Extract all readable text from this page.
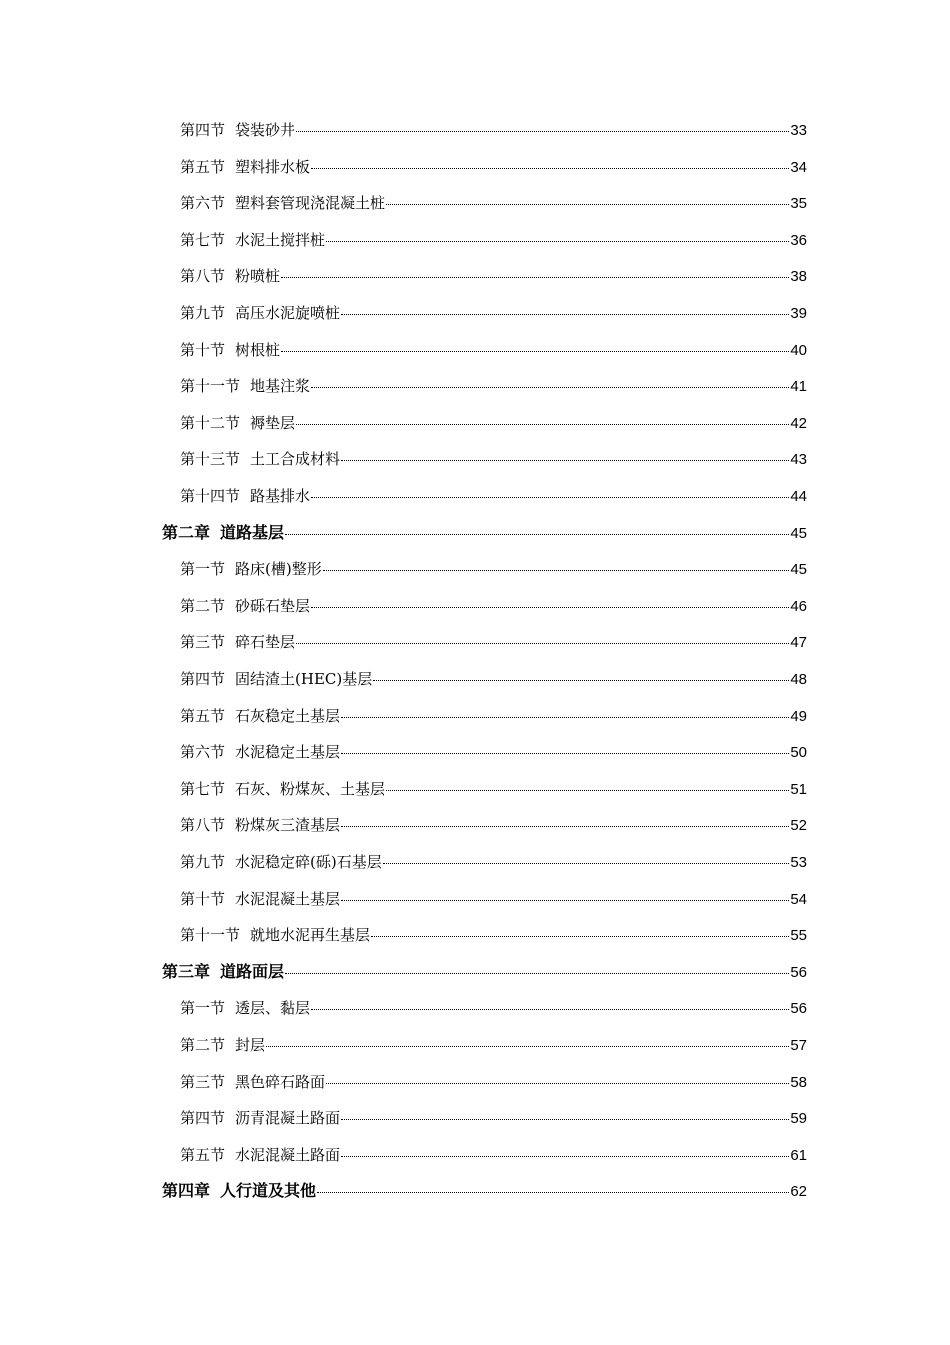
第四节 袋装砂井	33
第五节 塑料排水板	34
第六节 塑料套管现浇混凝土桩	35
第七节 水泥土搅拌桩	36
第八节 粉喷桩	38
第九节 高压水泥旋喷桩	39
第十节 树根桩	40
第十一节 地基注浆	41
第十二节 褥垫层	42
第十三节 土工合成材料	43
第十四节 路基排水	44
第二章 道路基层	45
第一节 路床(槽)整形	45
第二节 砂砾石垫层	46
第三节 碎石垫层	47
第四节 固结渣土(HEC)基层	48
第五节 石灰稳定土基层	49
第六节 水泥稳定土基层	50
第七节 石灰、粉煤灰、土基层	51
第八节 粉煤灰三渣基层	52
第九节 水泥稳定碎(砾)石基层	53
第十节 水泥混凝土基层	54
第十一节 就地水泥再生基层	55
第三章 道路面层	56
第一节 透层、黏层	56
第二节 封层	57
第三节 黑色碎石路面	58
第四节 沥青混凝土路面	59
第五节 水泥混凝土路面	61
第四章 人行道及其他	62
